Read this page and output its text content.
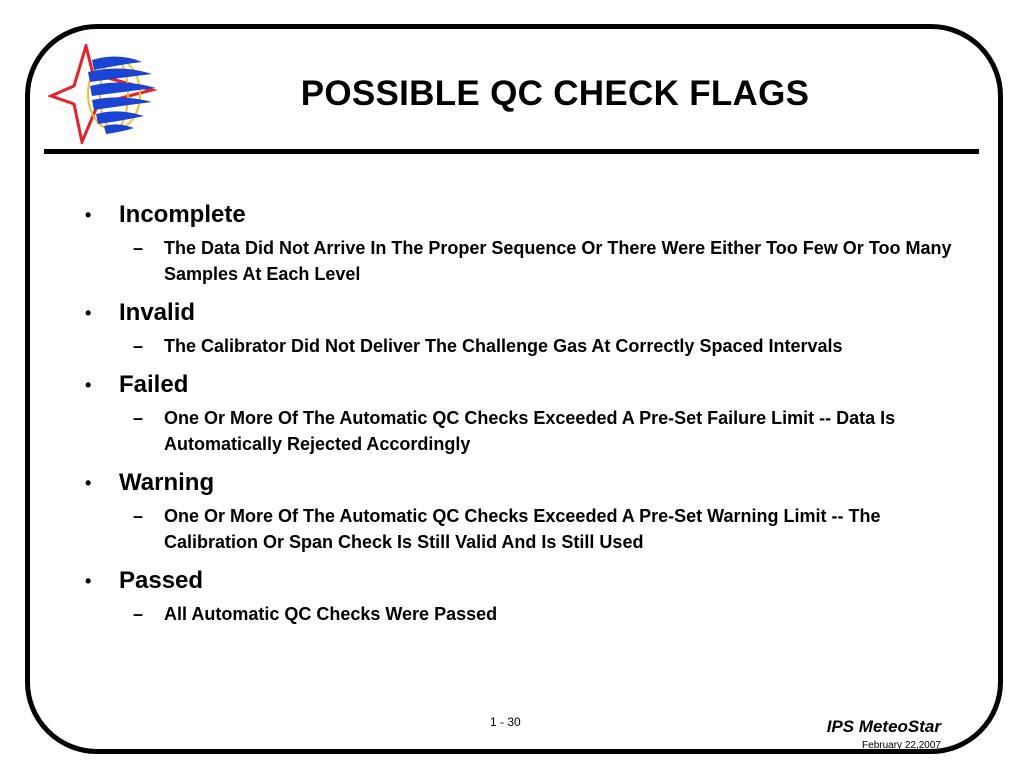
POSSIBLE QC CHECK FLAGS
• Incomplete
– The Data Did Not Arrive In The Proper Sequence Or There Were Either Too Few Or Too Many Samples At Each Level
• Invalid
– The Calibrator Did Not Deliver The Challenge Gas At Correctly Spaced Intervals
• Failed
– One Or More Of The Automatic QC Checks Exceeded A Pre-Set Failure Limit -- Data Is Automatically Rejected Accordingly
• Warning
– One Or More Of The Automatic QC Checks Exceeded A Pre-Set Warning Limit -- The Calibration Or Span Check Is Still Valid And Is Still Used
• Passed
– All Automatic QC Checks Were Passed
1 - 30	IPS MeteoStar
February 22,2007
